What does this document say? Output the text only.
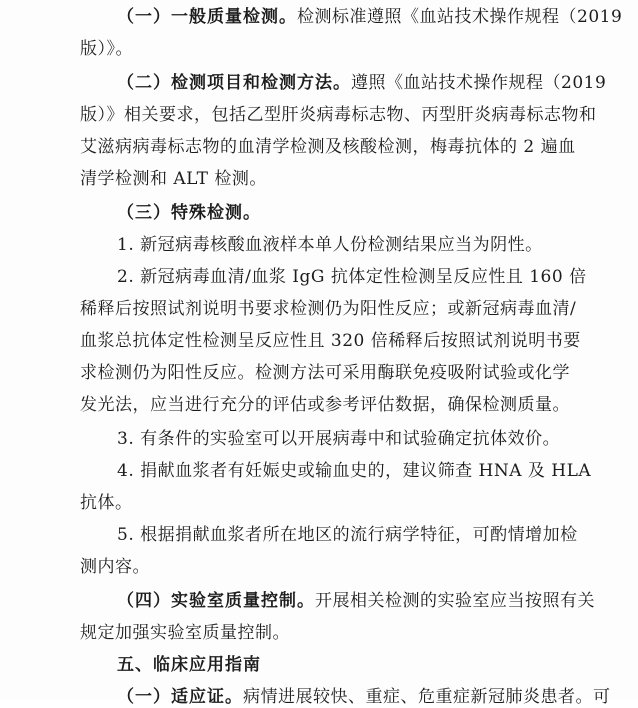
（一）一般质量检测。检测标准遵照《血站技术操作规程（2019
版）》。
（二）检测项目和检测方法。遵照《血站技术操作规程（2019
版）》相关要求，包括乙型肝炎病毒标志物、丙型肝炎病毒标志物和
艾滋病病毒标志物的血清学检测及核酸检测，梅毒抗体的 2 遍血
清学检测和 ALT 检测。
（三）特殊检测。
1. 新冠病毒核酸血液样本单人份检测结果应当为阴性。
2. 新冠病毒血清/血浆 IgG 抗体定性检测呈反应性且 160 倍
稀释后按照试剂说明书要求检测仍为阳性反应；或新冠病毒血清/
血浆总抗体定性检测呈反应性且 320 倍稀释后按照试剂说明书要
求检测仍为阳性反应。检测方法可采用酶联免疫吸附试验或化学
发光法，应当进行充分的评估或参考评估数据，确保检测质量。
3. 有条件的实验室可以开展病毒中和试验确定抗体效价。
4. 捐献血浆者有妊娠史或输血史的，建议筛查 HNA 及 HLA
抗体。
5. 根据捐献血浆者所在地区的流行病学特征，可酌情增加检
测内容。
（四）实验室质量控制。开展相关检测的实验室应当按照有关
规定加强实验室质量控制。
五、临床应用指南
（一）适应证。病情进展较快、重症、危重症新冠肺炎患者。可
